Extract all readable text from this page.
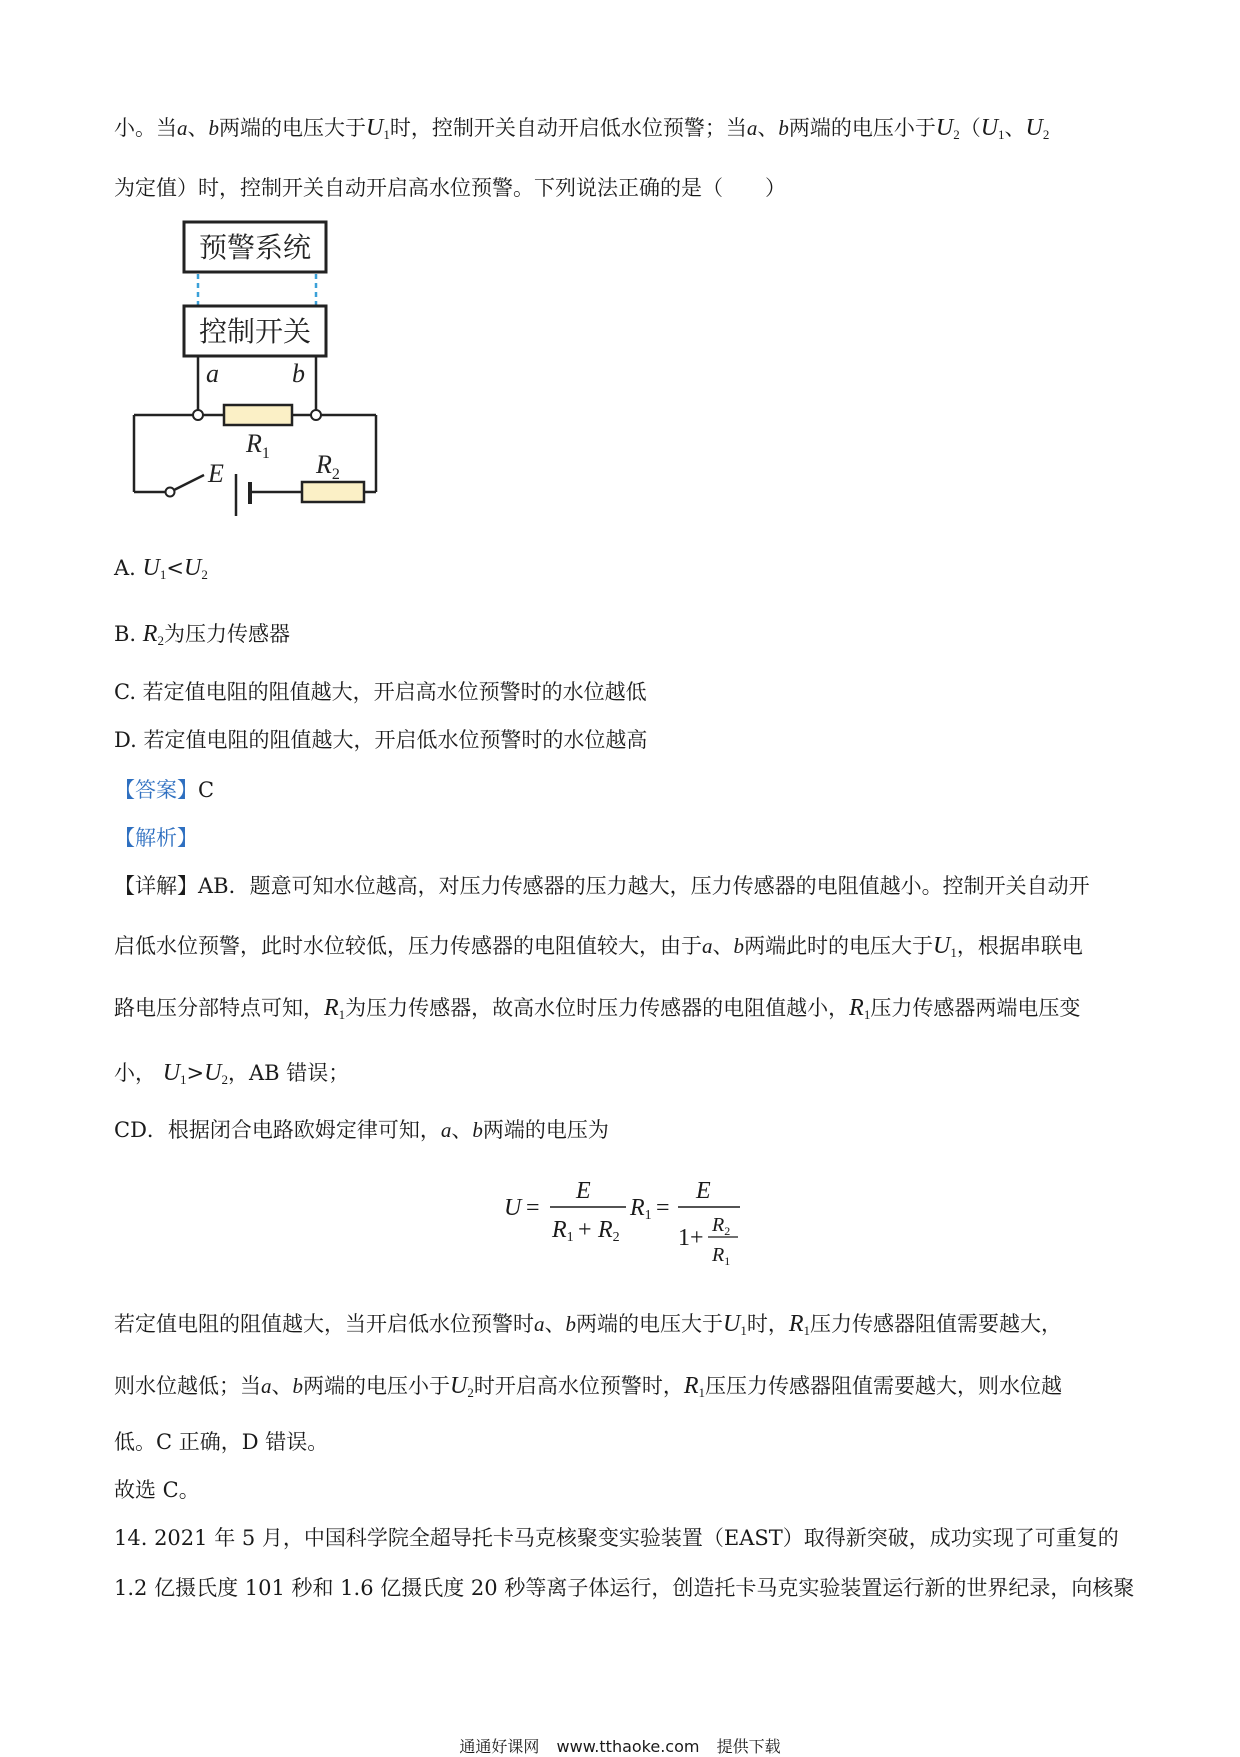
小。当a、b两端的电压大于$U_1$时，控制开关自动开启低水位预警；当a、b两端的电压小于$U_2(U_1$、$U_2$
为定值）时，控制开关自动开启高水位预警。下列说法正确的是（　　）
预警系统
控制开关
a	b
$R_1$
E	$R_2$
A. $U_1<U_2$
B. $R_2$为压力传感器
C. 若定值电阻的阻值越大，开启高水位预警时的水位越低
D. 若定值电阻的阻值越大，开启低水位预警时的水位越高
【答案】C
【解析】
【详解】AB．题意可知水位越高，对压力传感器的压力越大，压力传感器的电阻值越小。控制开关自动开
启低水位预警，此时水位较低，压力传感器的电阻值较大，由于a、b两端此时的电压大于$U_1$，根据串联电
路电压分部特点可知，$R_1$为压力传感器，故高水位时压力传感器的电阻值越小，$R_1$压力传感器两端电压变
小， $U_1>U_2$，AB 错误；
CD．根据闭合电路欧姆定律可知，a、b两端的电压为
U =
E
R1 + R2
R1 =
E
$1+ R_2$
$R_1$
若定值电阻的阻值越大，当开启低水位预警时a、b两端的电压大于$U_1$时，$R_1$压力传感器阻值需要越大，
则水位越低；当a、b两端的电压小于$U_2$时开启高水位预警时，$R_1$压压力传感器阻值需要越大，则水位越
低。C 正确，D 错误。
故选 C。
14. 2021 年 5 月，中国科学院全超导托卡马克核聚变实验装置（EAST）取得新突破，成功实现了可重复的
1.2 亿摄氏度 101 秒和 1.6 亿摄氏度 20 秒等离子体运行，创造托卡马克实验装置运行新的世界纪录，向核聚
通通好课网 www.tthaoke.com 提供下载
